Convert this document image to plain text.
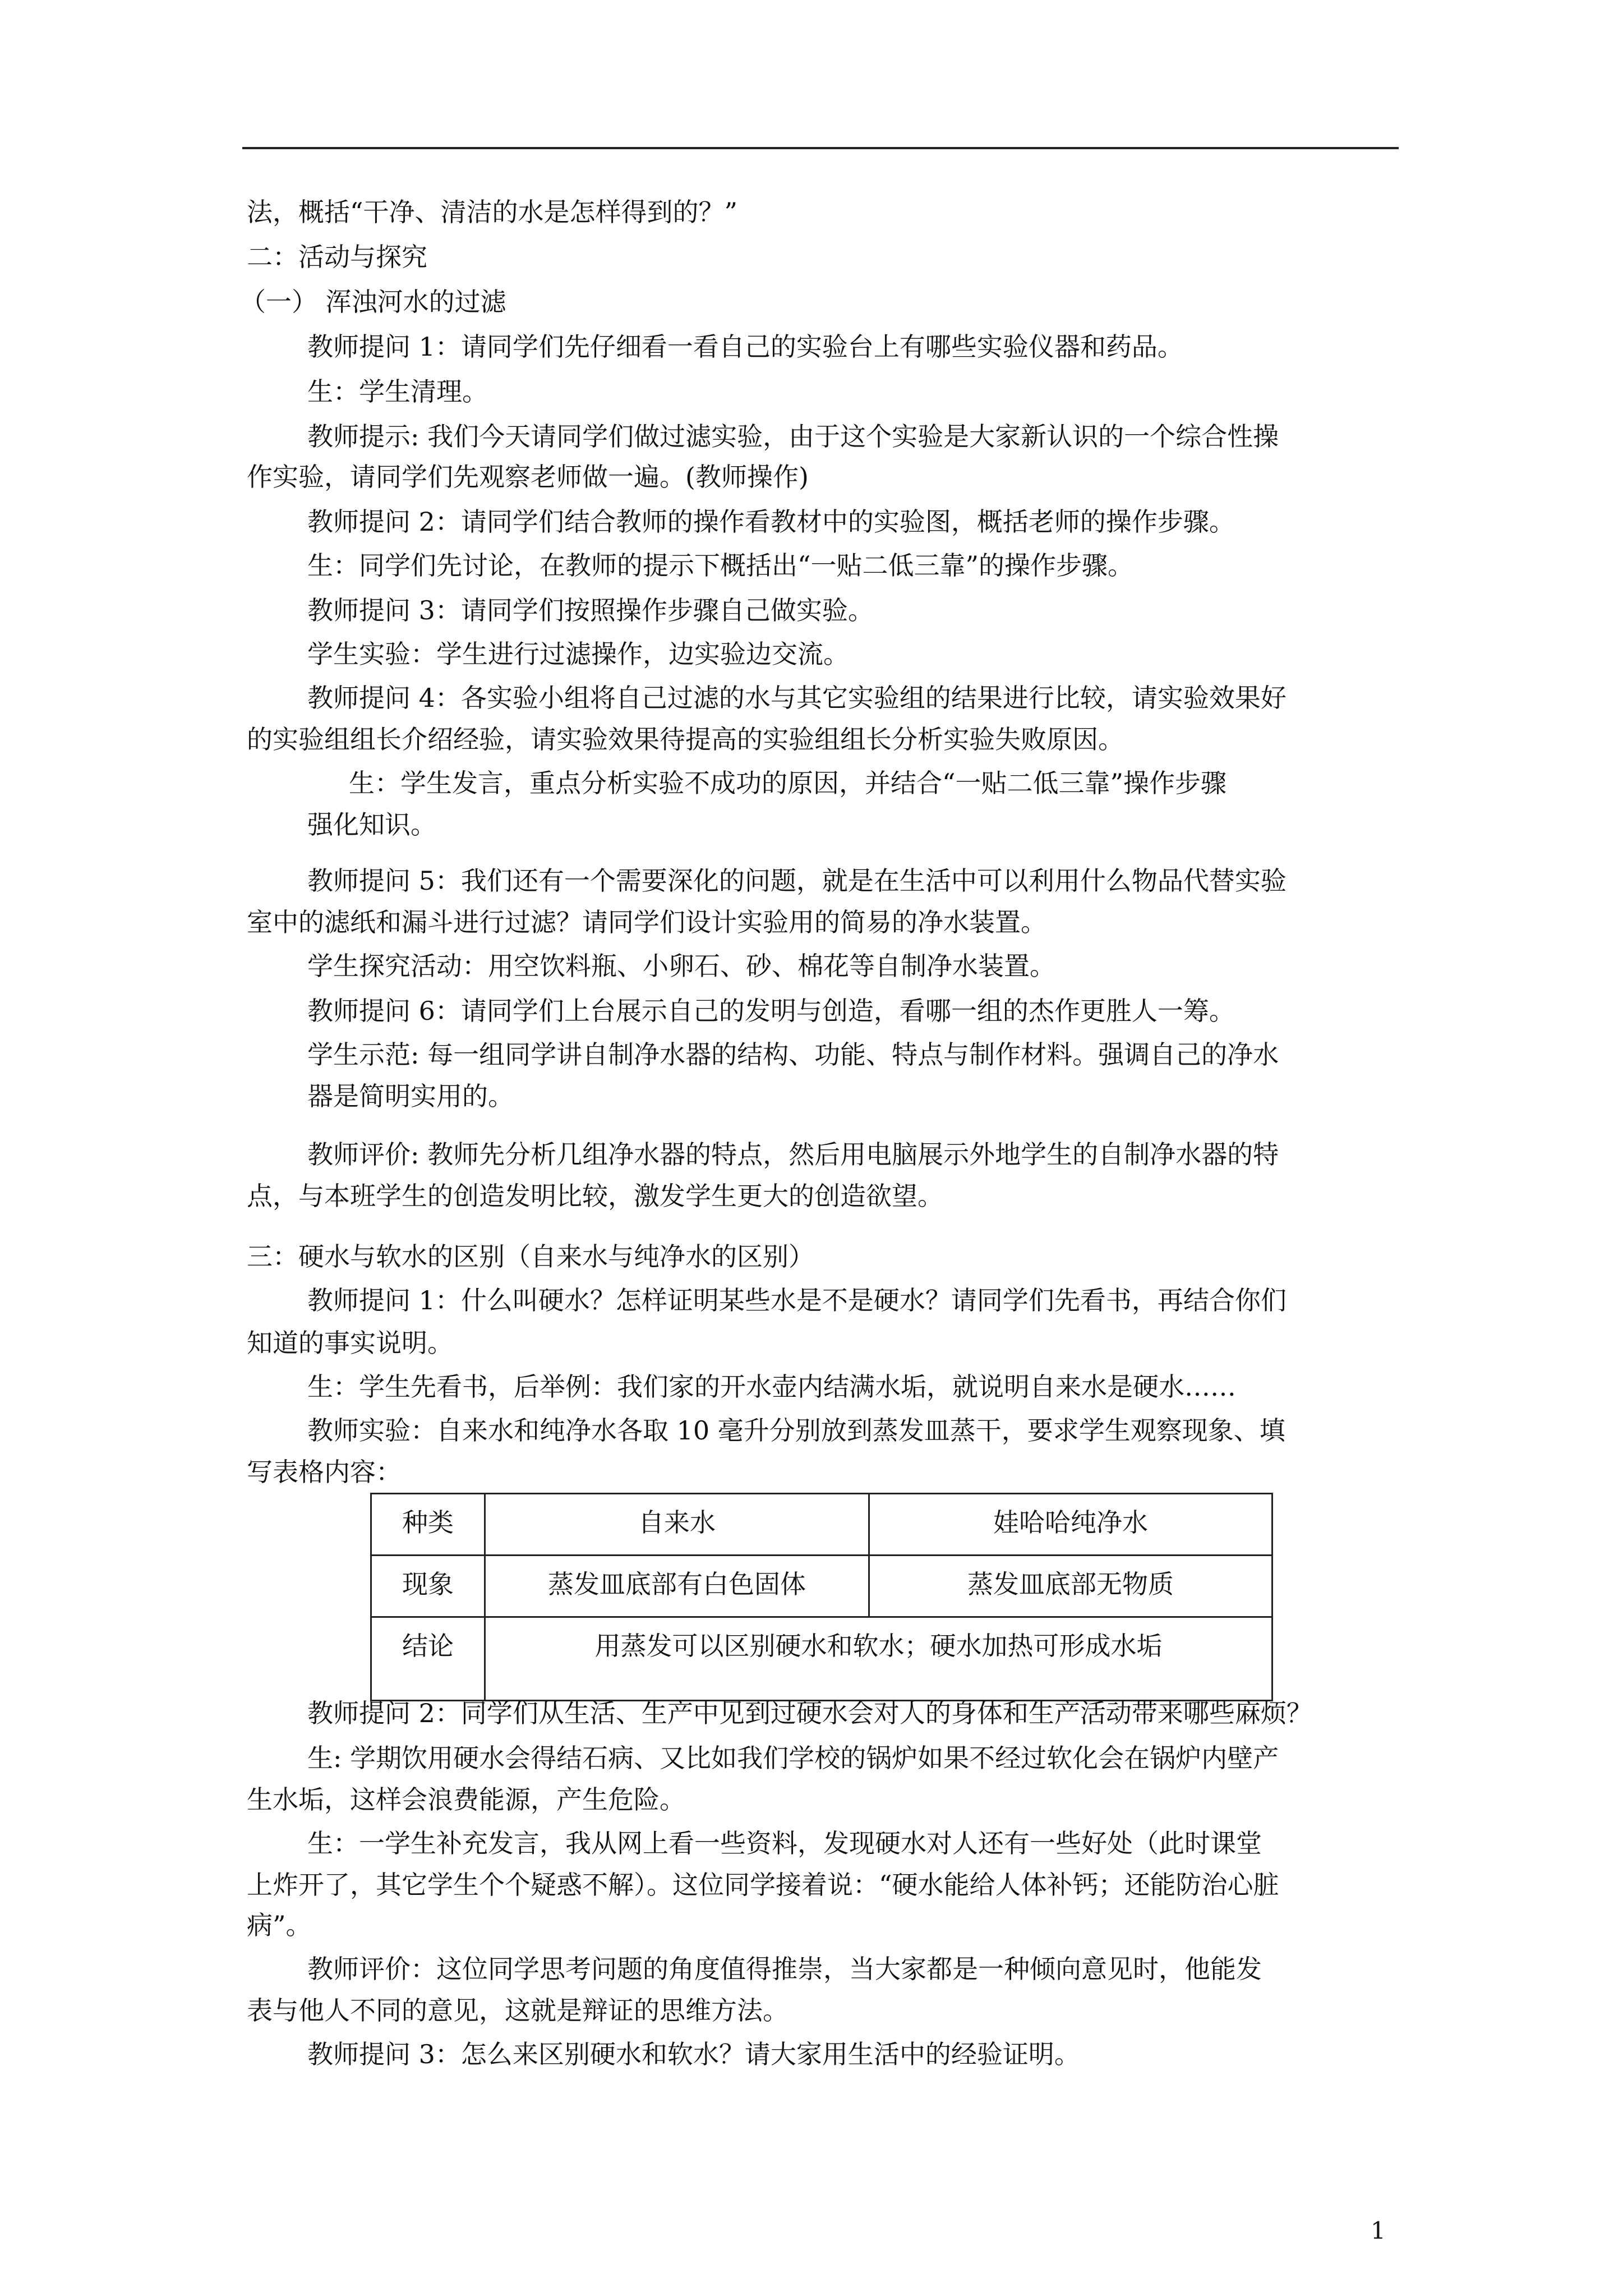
法，概括“干净、清洁的水是怎样得到的？”
二：活动与探究
（一） 浑浊河水的过滤
教师提问 1：请同学们先仔细看一看自己的实验台上有哪些实验仪器和药品。
生：学生清理。
教师提示: 我们今天请同学们做过滤实验，由于这个实验是大家新认识的一个综合性操
作实验，请同学们先观察老师做一遍。(教师操作)
教师提问 2：请同学们结合教师的操作看教材中的实验图，概括老师的操作步骤。
生：同学们先讨论，在教师的提示下概括出“一贴二低三靠”的操作步骤。
教师提问 3：请同学们按照操作步骤自己做实验。
学生实验：学生进行过滤操作，边实验边交流。
教师提问 4：各实验小组将自己过滤的水与其它实验组的结果进行比较，请实验效果好
的实验组组长介绍经验，请实验效果待提高的实验组组长分析实验失败原因。
生：学生发言，重点分析实验不成功的原因，并结合“一贴二低三靠”操作步骤
强化知识。
教师提问 5：我们还有一个需要深化的问题，就是在生活中可以利用什么物品代替实验
室中的滤纸和漏斗进行过滤？请同学们设计实验用的简易的净水装置。
学生探究活动：用空饮料瓶、小卵石、砂、棉花等自制净水装置。
教师提问 6：请同学们上台展示自己的发明与创造，看哪一组的杰作更胜人一筹。
学生示范: 每一组同学讲自制净水器的结构、功能、特点与制作材料。强调自己的净水
器是简明实用的。
教师评价: 教师先分析几组净水器的特点，然后用电脑展示外地学生的自制净水器的特
点，与本班学生的创造发明比较，激发学生更大的创造欲望。
三：硬水与软水的区别（自来水与纯净水的区别）
教师提问 1：什么叫硬水？怎样证明某些水是不是硬水？请同学们先看书，再结合你们
知道的事实说明。
生：学生先看书，后举例：我们家的开水壶内结满水垢，就说明自来水是硬水……
教师实验：自来水和纯净水各取 10 毫升分别放到蒸发皿蒸干，要求学生观察现象、填
写表格内容：
种类	自来水	娃哈哈纯净水

现象	蒸发皿底部有白色固体	蒸发皿底部无物质

结论	用蒸发可以区别硬水和软水；硬水加热可形成水垢	
教师提问 2：同学们从生活、生产中见到过硬水会对人的身体和生产活动带来哪些麻烦？
生: 学期饮用硬水会得结石病、又比如我们学校的锅炉如果不经过软化会在锅炉内壁产
生水垢，这样会浪费能源，产生危险。
生：一学生补充发言，我从网上看一些资料，发现硬水对人还有一些好处（此时课堂
上炸开了，其它学生个个疑惑不解）。这位同学接着说：“硬水能给人体补钙；还能防治心脏
病”。
教师评价：这位同学思考问题的角度值得推崇，当大家都是一种倾向意见时，他能发
表与他人不同的意见，这就是辩证的思维方法。
教师提问 3：怎么来区别硬水和软水？请大家用生活中的经验证明。
1
